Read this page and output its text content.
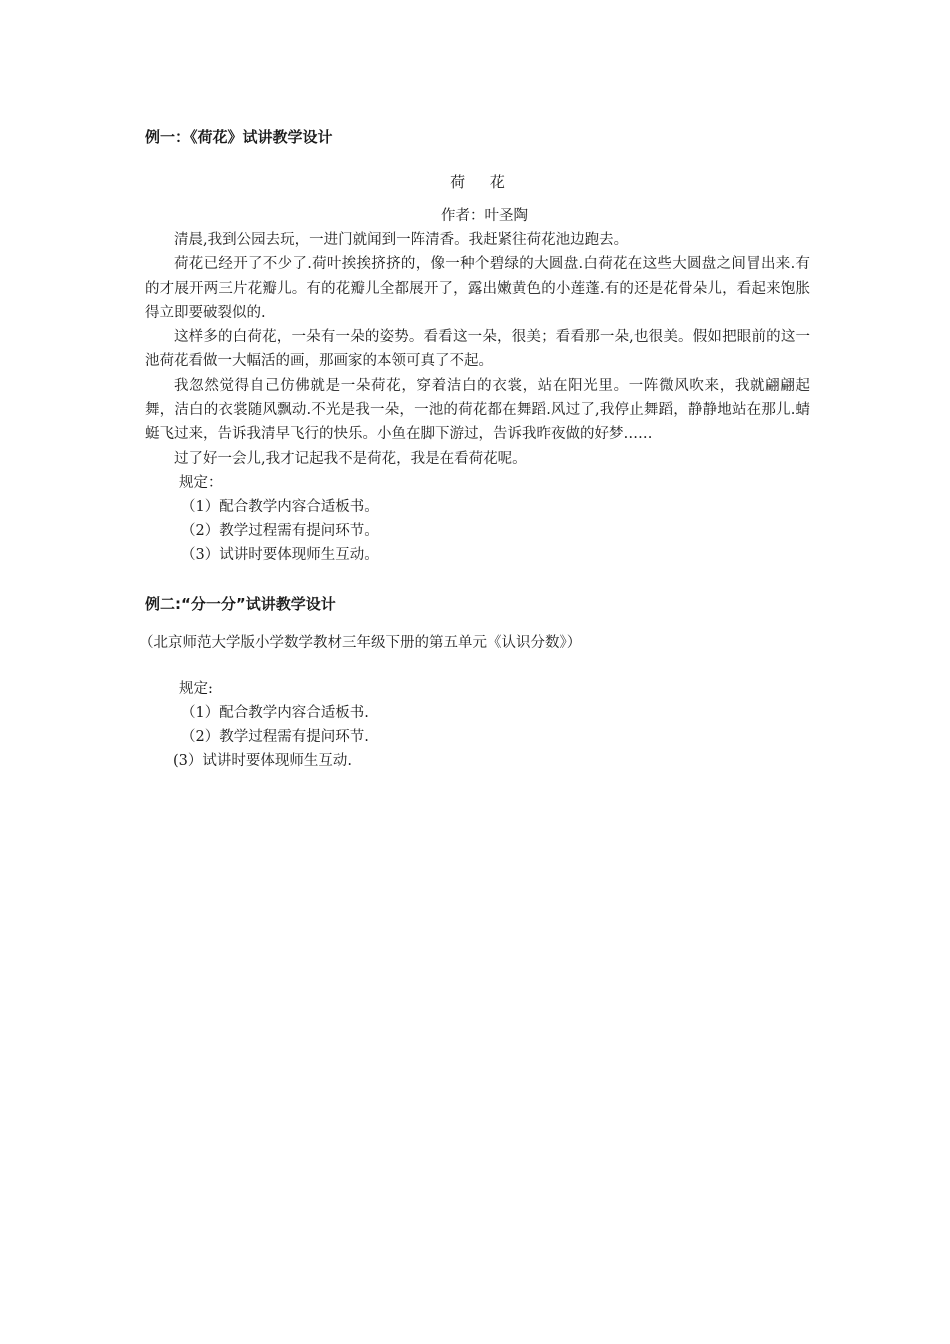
例一：《荷花》试讲教学设计
荷 花
作者：叶圣陶

清晨,我到公园去玩，一进门就闻到一阵清香。我赶紧往荷花池边跑去。

荷花已经开了不少了.荷叶挨挨挤挤的，像一种个碧绿的大圆盘.白荷花在这些大圆盘之间冒出来.有的才展开两三片花瓣儿。有的花瓣儿全都展开了，露出嫩黄色的小莲蓬.有的还是花骨朵儿，看起来饱胀得立即要破裂似的.

这样多的白荷花，一朵有一朵的姿势。看看这一朵，很美；看看那一朵,也很美。假如把眼前的这一池荷花看做一大幅活的画，那画家的本领可真了不起。

我忽然觉得自己仿佛就是一朵荷花，穿着洁白的衣裳，站在阳光里。一阵微风吹来，我就翩翩起舞，洁白的衣裳随风飘动.不光是我一朵，一池的荷花都在舞蹈.风过了,我停止舞蹈，静静地站在那儿.蜻蜓飞过来，告诉我清早飞行的快乐。小鱼在脚下游过，告诉我昨夜做的好梦……

过了好一会儿,我才记起我不是荷花，我是在看荷花呢。

规定：
（1）配合教学内容合适板书。
（2）教学过程需有提问环节。
（3）试讲时要体现师生互动。
例二:“分一分”试讲教学设计
（北京师范大学版小学数学教材三年级下册的第五单元《认识分数》）
规定:
（1）配合教学内容合适板书.
（2）教学过程需有提问环节.
(3）试讲时要体现师生互动.
